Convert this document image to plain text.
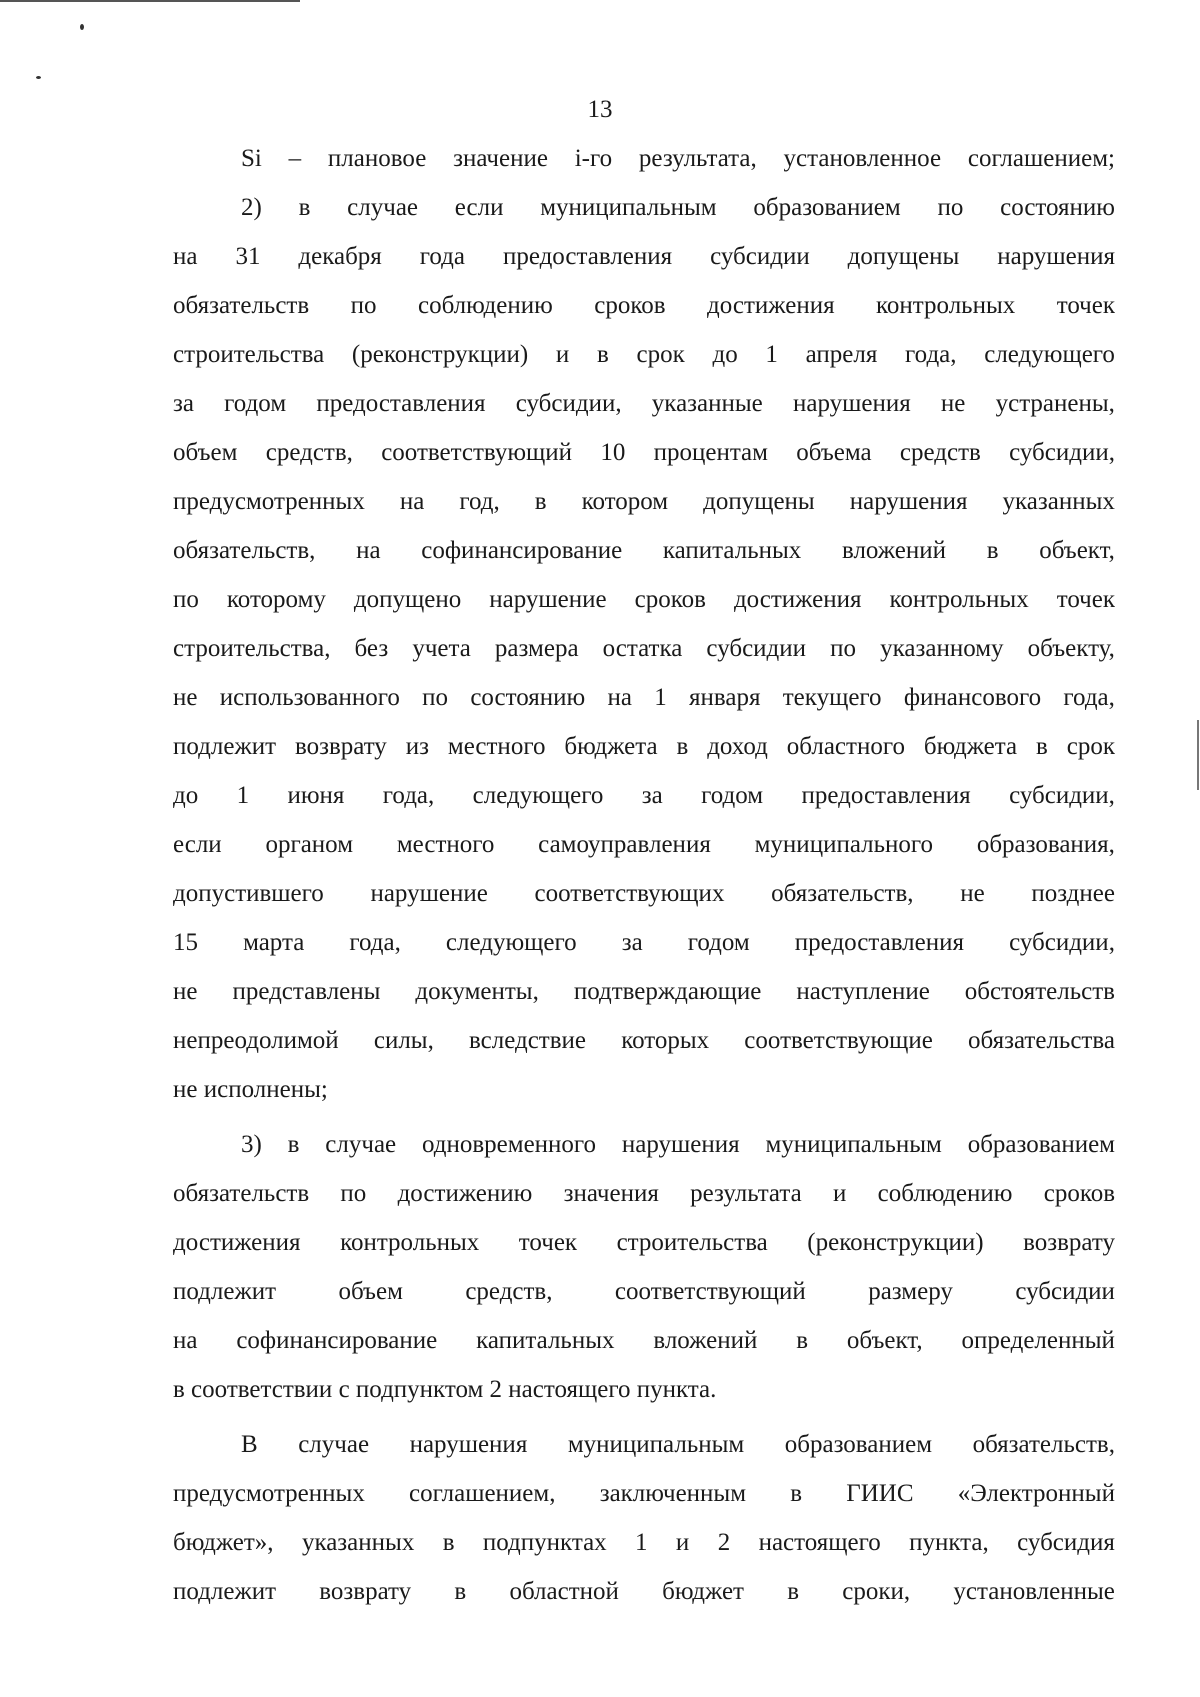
13
Si – плановое значение i-го результата, установленное соглашением;
2) в случае если муниципальным образованием по состоянию
на 31 декабря года предоставления субсидии допущены нарушения
обязательств по соблюдению сроков достижения контрольных точек
строительства (реконструкции) и в срок до 1 апреля года, следующего
за годом предоставления субсидии, указанные нарушения не устранены,
объем средств, соответствующий 10 процентам объема средств субсидии,
предусмотренных на год, в котором допущены нарушения указанных
обязательств, на софинансирование капитальных вложений в объект,
по которому допущено нарушение сроков достижения контрольных точек
строительства, без учета размера остатка субсидии по указанному объекту,
не использованного по состоянию на 1 января текущего финансового года,
подлежит возврату из местного бюджета в доход областного бюджета в срок
до 1 июня года, следующего за годом предоставления субсидии,
если органом местного самоуправления муниципального образования,
допустившего нарушение соответствующих обязательств, не позднее
15 марта года, следующего за годом предоставления субсидии,
не представлены документы, подтверждающие наступление обстоятельств
непреодолимой силы, вследствие которых соответствующие обязательства
не исполнены;
3) в случае одновременного нарушения муниципальным образованием
обязательств по достижению значения результата и соблюдению сроков
достижения контрольных точек строительства (реконструкции) возврату
подлежит объем средств, соответствующий размеру субсидии
на софинансирование капитальных вложений в объект, определенный
в соответствии с подпунктом 2 настоящего пункта.
В случае нарушения муниципальным образованием обязательств,
предусмотренных соглашением, заключенным в ГИИС «Электронный
бюджет», указанных в подпунктах 1 и 2 настоящего пункта, субсидия
подлежит возврату в областной бюджет в сроки, установленные
